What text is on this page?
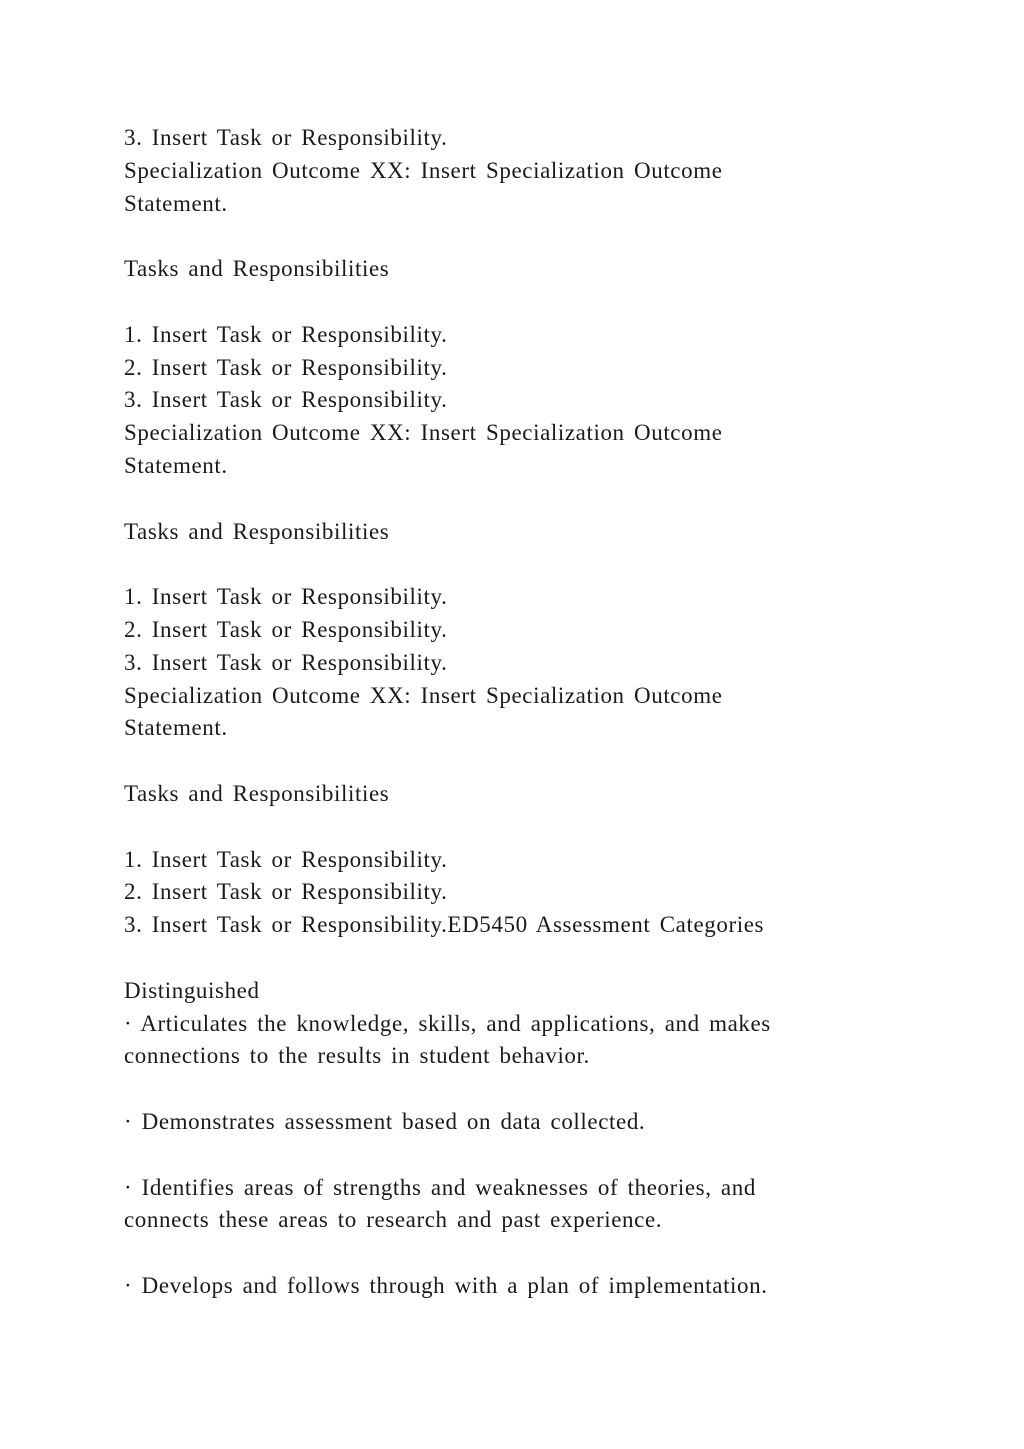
3. Insert Task or Responsibility.
Specialization Outcome XX: Insert Specialization Outcome
Statement.
Tasks and Responsibilities
1. Insert Task or Responsibility.
2. Insert Task or Responsibility.
3. Insert Task or Responsibility.
Specialization Outcome XX: Insert Specialization Outcome
Statement.
Tasks and Responsibilities
1. Insert Task or Responsibility.
2. Insert Task or Responsibility.
3. Insert Task or Responsibility.
Specialization Outcome XX: Insert Specialization Outcome
Statement.
Tasks and Responsibilities
1. Insert Task or Responsibility.
2. Insert Task or Responsibility.
3. Insert Task or Responsibility.ED5450 Assessment Categories
Distinguished
· Articulates the knowledge, skills, and applications, and makes
connections to the results in student behavior.
· Demonstrates assessment based on data collected.
· Identifies areas of strengths and weaknesses of theories, and
connects these areas to research and past experience.
· Develops and follows through with a plan of implementation.
